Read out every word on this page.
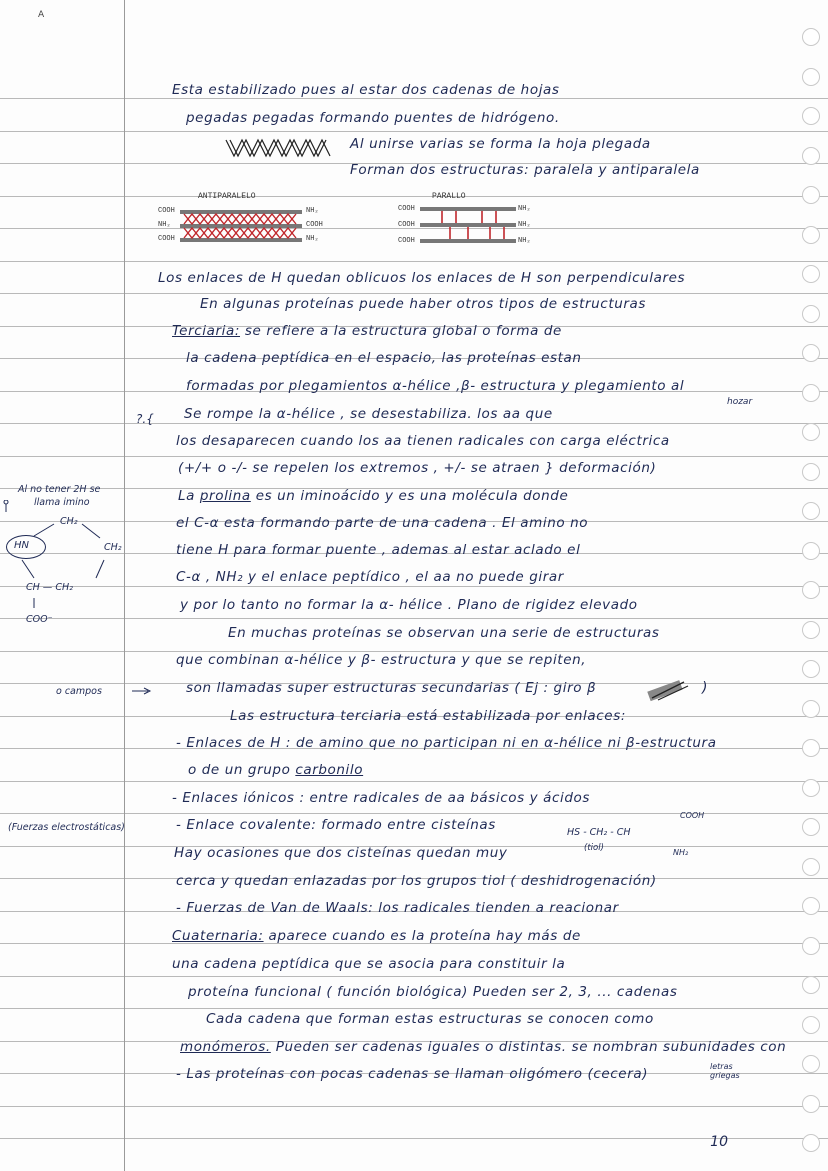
A
Esta estabilizado pues al estar dos cadenas de hojas
pegadas pegadas formando puentes de hidrógeno.
Al unirse varias se forma la hoja plegada
Forman dos estructuras: paralela y antiparalela
Los enlaces de H quedan oblicuos los enlaces de H son perpendiculares
En algunas proteínas puede haber otros tipos de estructuras
Terciaria: se refiere a la estructura global o forma de
la cadena peptídica en el espacio, las proteínas estan
formadas por plegamientos α-hélice ,β- estructura y plegamiento al
Se rompe la α-hélice , se desestabiliza. los aa que
los desaparecen cuando los aa tienen radicales con carga eléctrica
(+/+ o -/- se repelen los extremos , +/- se atraen } deformación)
La prolina es un iminoácido y es una molécula donde
el C-α esta formando parte de una cadena . El amino no
tiene H para formar puente , ademas al estar aclado el
C-α , NH₂ y el enlace peptídico , el aa no puede girar
y por lo tanto no formar la α- hélice . Plano de rigidez elevado
En muchas proteínas se observan una serie de estructuras
que combinan α-hélice y β- estructura y que se repiten,
son llamadas super estructuras secundarias ( Ej : giro β
Las estructura terciaria está estabilizada por enlaces:
- Enlaces de H : de amino que no participan ni en α-hélice ni β-estructura
o de un grupo carbonilo
- Enlaces iónicos : entre radicales de aa básicos y ácidos
- Enlace covalente: formado entre cisteínas
Hay ocasiones que dos cisteínas quedan muy
cerca y quedan enlazadas por los grupos tiol ( deshidrogenación)
- Fuerzas de Van de Waals: los radicales tienden a reacionar
Cuaternaria: aparece cuando es la proteína hay más de
una cadena peptídica que se asocia para constituir la
proteína funcional ( función biológica) Pueden ser 2, 3, ... cadenas
Cada cadena que forman estas estructuras se conocen como
monómeros. Pueden ser cadenas iguales o distintas. se nombran subunidades con
- Las proteínas con pocas cadenas se llaman oligómero (cecera)
hozar
?.{
Al no tener 2H se
llama imino
o campos
(Fuerzas electrostáticas)	HS - CH₂ - CH
COOH
NH₂
(tiol)
letras griegas
ANTIPARALELO
COOH
NH₂
COOH
NH₂
COOH
NH₂
PARALLO
COOH
COOH
COOH
NH₂
NH₂
NH₂
HN
CH₂
CH₂
CH — CH₂
COO⁻
)
10
